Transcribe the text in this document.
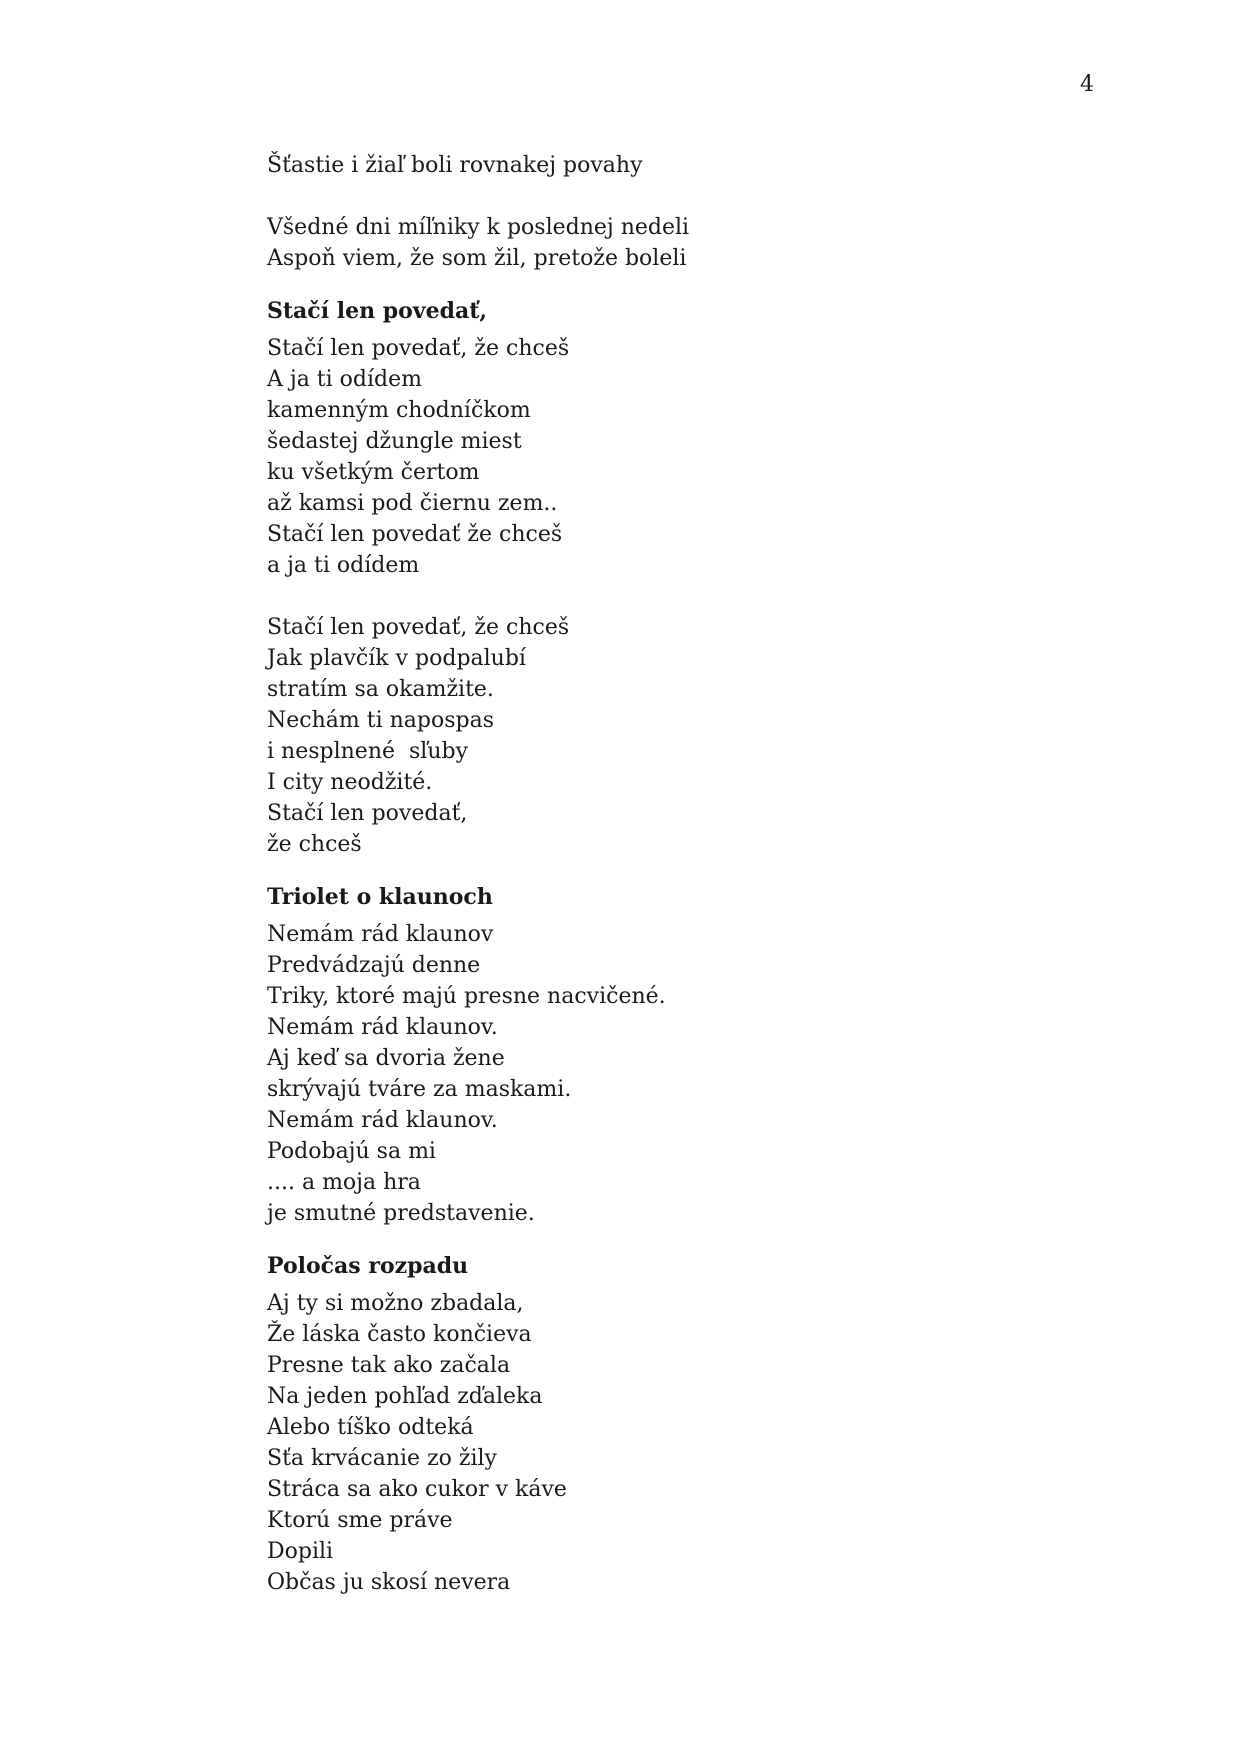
4
Šťastie i žiaľ boli rovnakej povahy
Všedné dni míľniky k poslednej nedeli
Aspoň viem, že som žil, pretože boleli
Stačí len povedať,
Stačí len povedať, že chceš
A ja ti odídem
kamenným chodníčkom
šedastej džungle miest
ku všetkým čertom
až kamsi pod čiernu zem..
Stačí len povedať že chceš
a ja ti odídem
Stačí len povedať, že chceš
Jak plavčík v podpalubí
stratím sa okamžite.
Nechám ti napospas
i nesplnené  sľuby
I city neodžité.
Stačí len povedať,
že chceš
Triolet o klaunoch
Nemám rád klaunov
Predvádzajú denne
Triky, ktoré majú presne nacvičené.
Nemám rád klaunov.
Aj keď sa dvoria žene
skrývajú tváre za maskami.
Nemám rád klaunov.
Podobajú sa mi
.... a moja hra
je smutné predstavenie.
Poločas rozpadu
Aj ty si možno zbadala,
Že láska často končieva
Presne tak ako začala
Na jeden pohľad zďaleka
Alebo tíško odteká
Sťa krvácanie zo žily
Stráca sa ako cukor v káve
Ktorú sme práve
Dopili
Občas ju skosí nevera
